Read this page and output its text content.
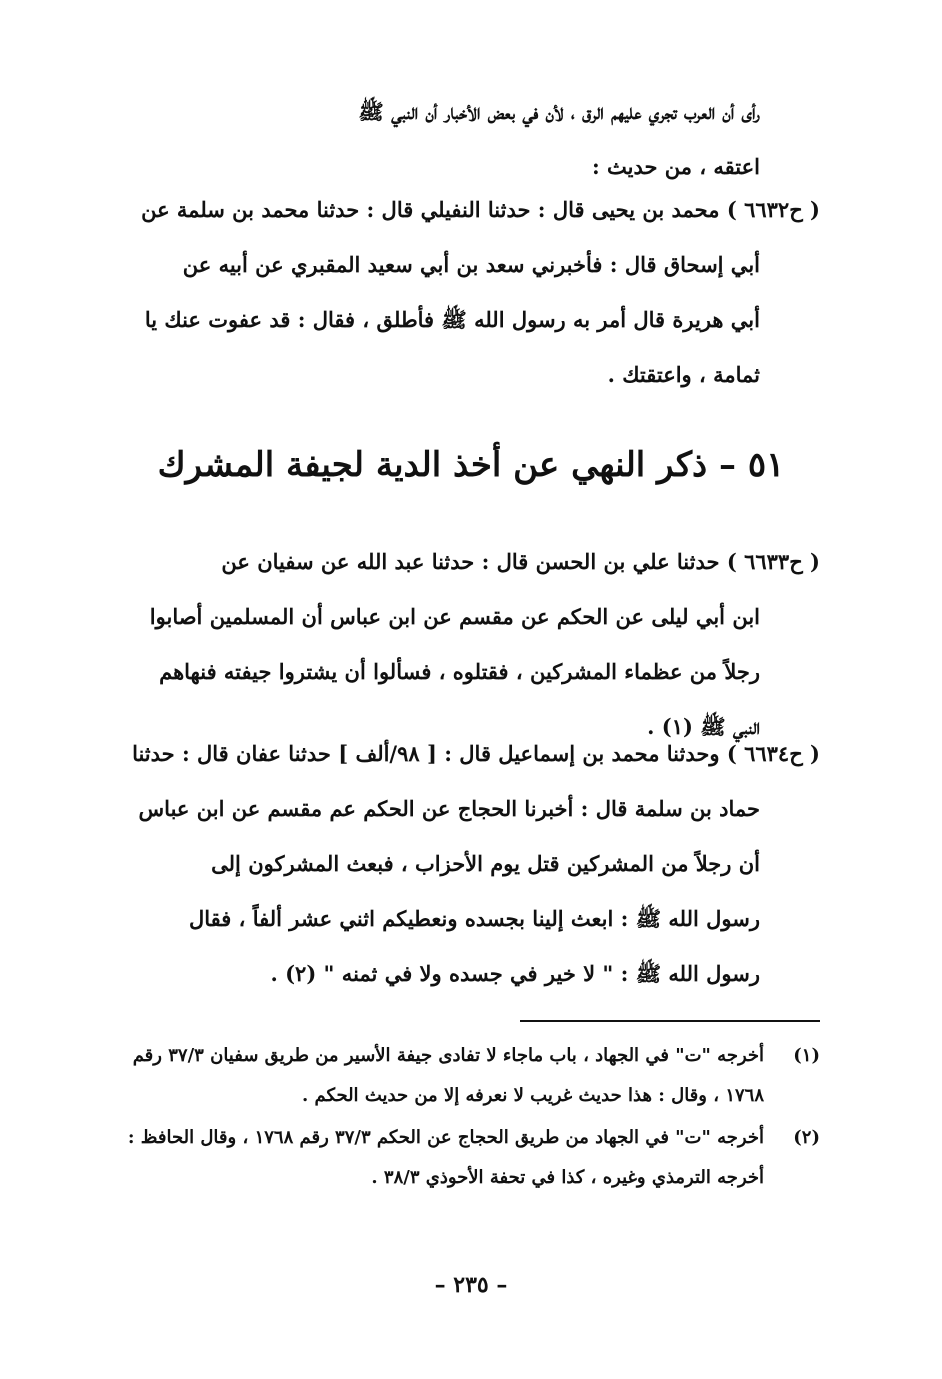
رأى أن العرب تجري عليهم الرق ، لأن في بعض الأخبار أن النبي ﷺ
اعتقه ، من حديث :
( ح٦٦٣٢ ) محمد بن يحيى قال : حدثنا النفيلي قال : حدثنا محمد بن سلمة عن
أبي إسحاق قال : فأخبرني سعد بن أبي سعيد المقبري عن أبيه عن
أبي هريرة قال أمر به رسول الله ﷺ فأطلق ، فقال : قد عفوت عنك يا
ثمامة ، واعتقتك .
٥١ – ذكر النهي عن أخذ الدية لجيفة المشرك
( ح٦٦٣٣ ) حدثنا علي بن الحسن قال : حدثنا عبد الله عن سفيان عن
ابن أبي ليلى عن الحكم عن مقسم عن ابن عباس أن المسلمين أصابوا
رجلاً من عظماء المشركين ، فقتلوه ، فسألوا أن يشتروا جيفته فنهاهم
النبي ﷺ (١) .
( ح٦٦٣٤ ) وحدثنا محمد بن إسماعيل قال : [ ٩٨/ألف ] حدثنا عفان قال : حدثنا
حماد بن سلمة قال : أخبرنا الحجاج عن الحكم عم مقسم عن ابن عباس
أن رجلاً من المشركين قتل يوم الأحزاب ، فبعث المشركون إلى
رسول الله ﷺ : ابعث إلينا بجسده ونعطيكم اثني عشر ألفاً ، فقال
رسول الله ﷺ : " لا خير في جسده ولا في ثمنه " (٢) .
(١)
أخرجه "ت" في الجهاد ، باب ماجاء لا تفادى جيفة الأسير من طريق سفيان ٣٧/٣ رقم
١٧٦٨ ، وقال : هذا حديث غريب لا نعرفه إلا من حديث الحكم .
(٢)
أخرجه "ت" في الجهاد من طريق الحجاج عن الحكم ٣٧/٣ رقم ١٧٦٨ ، وقال الحافظ :
أخرجه الترمذي وغيره ، كذا في تحفة الأحوذي ٣٨/٣ .
– ٢٣٥ –
